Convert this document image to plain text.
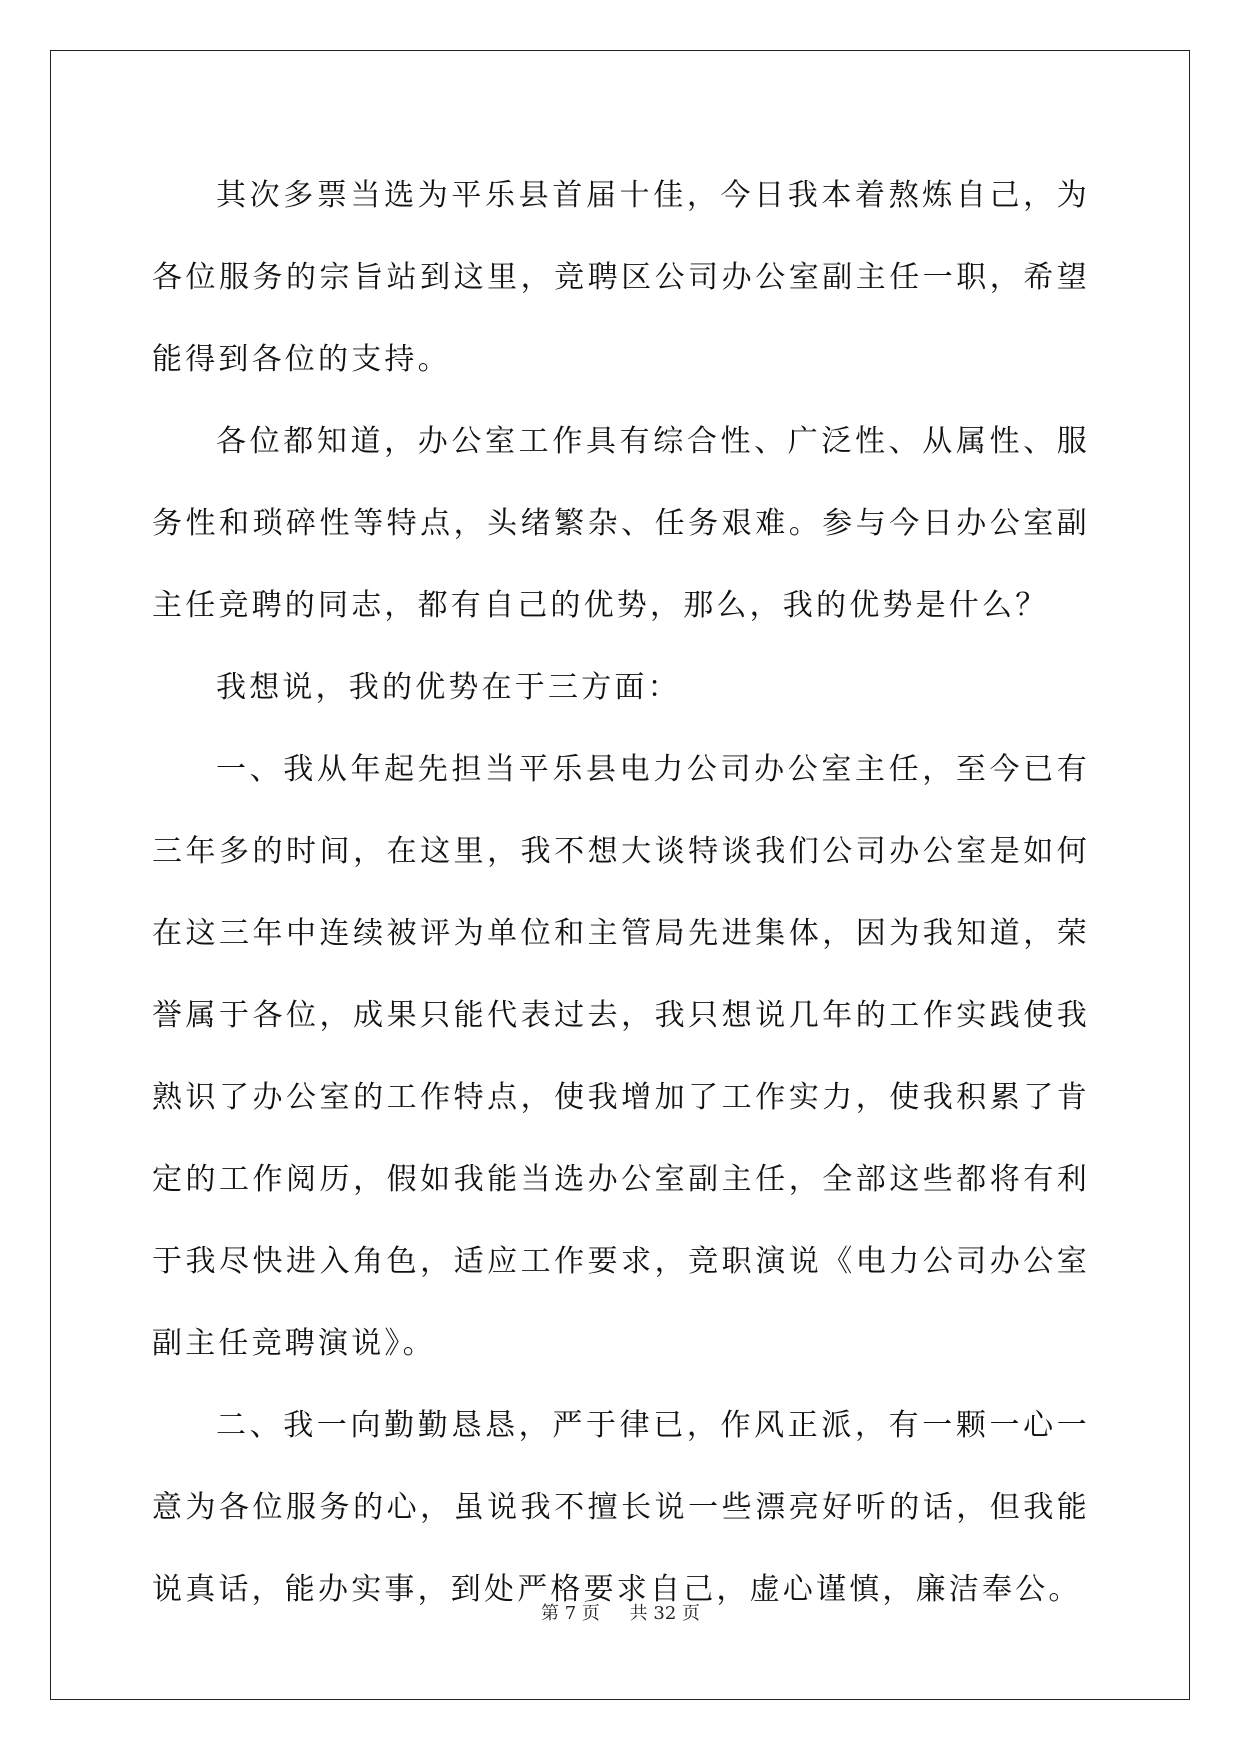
其次多票当选为平乐县首届十佳，今日我本着熬炼自己，为各位服务的宗旨站到这里，竞聘区公司办公室副主任一职，希望能得到各位的支持。

各位都知道，办公室工作具有综合性、广泛性、从属性、服务性和琐碎性等特点，头绪繁杂、任务艰难。参与今日办公室副主任竞聘的同志，都有自己的优势，那么，我的优势是什么？

我想说，我的优势在于三方面：

一、我从年起先担当平乐县电力公司办公室主任，至今已有三年多的时间，在这里，我不想大谈特谈我们公司办公室是如何在这三年中连续被评为单位和主管局先进集体，因为我知道，荣誉属于各位，成果只能代表过去，我只想说几年的工作实践使我熟识了办公室的工作特点，使我增加了工作实力，使我积累了肯定的工作阅历，假如我能当选办公室副主任，全部这些都将有利于我尽快进入角色，适应工作要求，竞职演说《电力公司办公室副主任竞聘演说》。

二、我一向勤勤恳恳，严于律已，作风正派，有一颗一心一意为各位服务的心，虽说我不擅长说一些漂亮好听的话，但我能说真话，能办实事，到处严格要求自己，虚心谨慎，廉洁奉公。

第 7 页 共 32 页
